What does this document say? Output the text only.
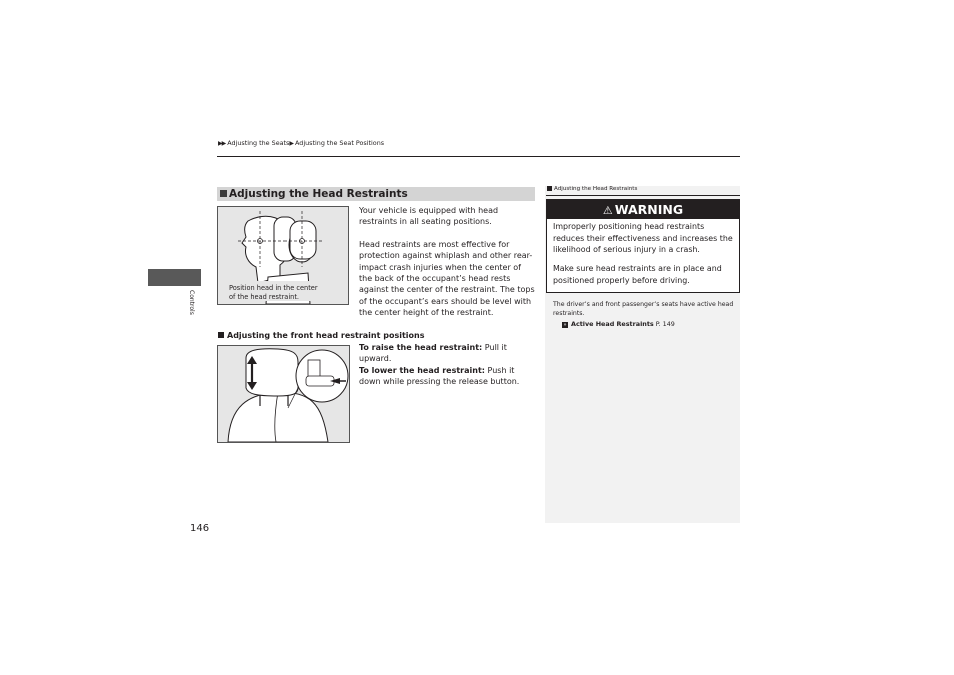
▶▶ Adjusting the Seats▶ Adjusting the Seat Positions
Controls
146
Adjusting the Head Restraints
Position head in the center
of the head restraint.
Your vehicle is equipped with head restraints in all seating positions.
Head restraints are most effective for protection against whiplash and other rear-impact crash injuries when the center of the back of the occupant’s head rests against the center of the restraint. The tops of the occupant’s ears should be level with the center height of the restraint.
Adjusting the front head restraint positions
To raise the head restraint: Pull it upward.
To lower the head restraint: Push it down while pressing the release button.
Adjusting the Head Restraints
⚠ WARNING
Improperly positioning head restraints reduces their effectiveness and increases the likelihood of serious injury in a crash.
Make sure head restraints are in place and positioned properly before driving.
The driver’s and front passenger’s seats have active head restraints.
» Active Head Restraints P. 149
